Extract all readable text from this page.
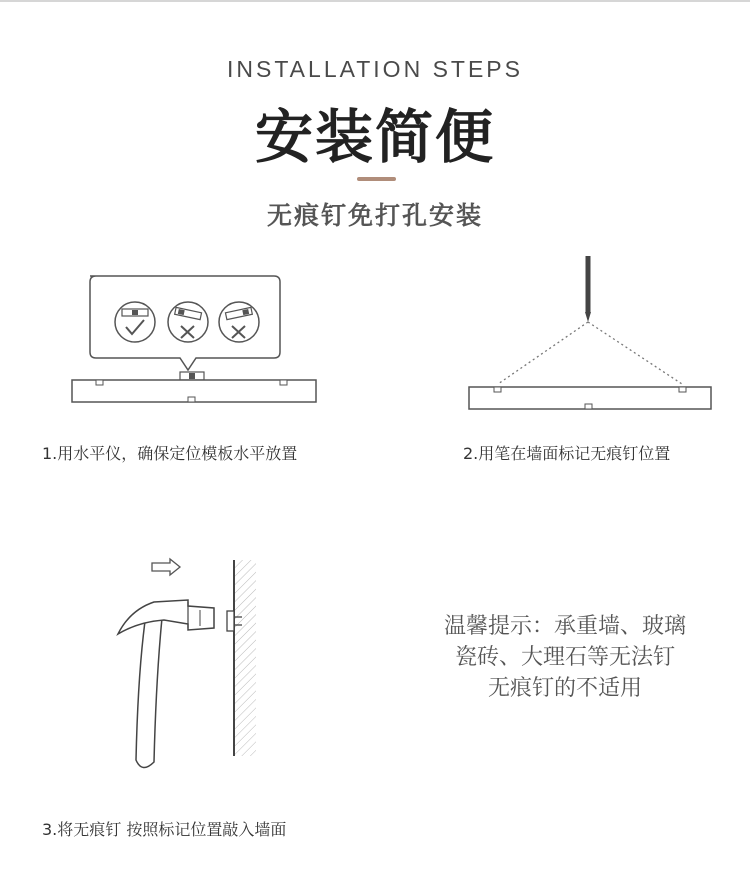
INSTALLATION STEPS
安装简便
无痕钉免打孔安装
1.用水平仪，确保定位模板水平放置	2.用笔在墙面标记无痕钉位置
温馨提示：承重墙、玻璃
瓷砖、大理石等无法钉
无痕钉的不适用
3.将无痕钉 按照标记位置敲入墙面
